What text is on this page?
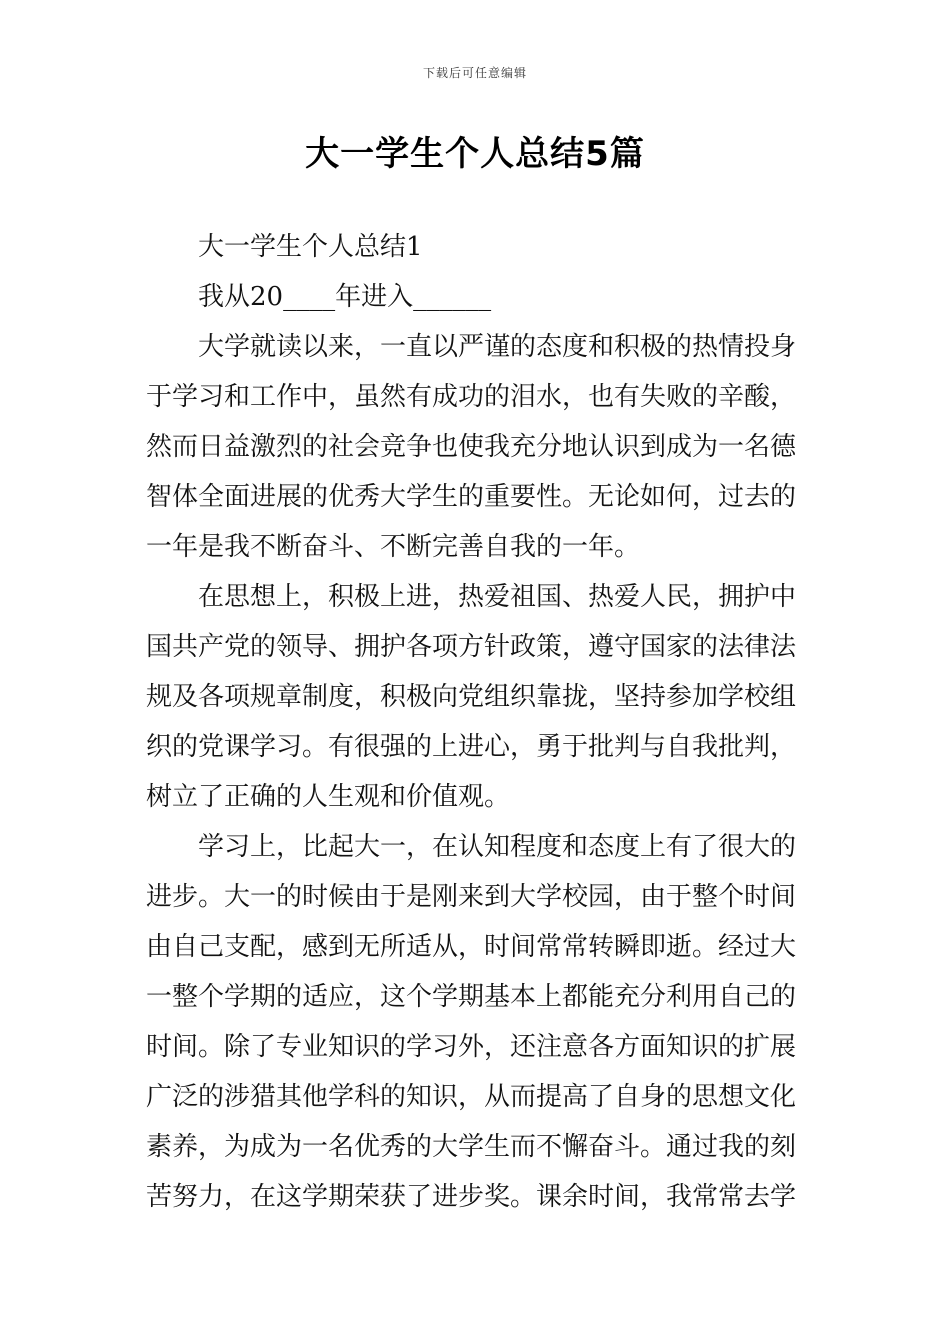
下载后可任意编辑
大一学生个人总结5篇

大一学生个人总结1

我从20____年进入______

大学就读以来，一直以严谨的态度和积极的热情投身

于学习和工作中，虽然有成功的泪水，也有失败的辛酸，

然而日益激烈的社会竞争也使我充分地认识到成为一名德

智体全面进展的优秀大学生的重要性。无论如何，过去的

一年是我不断奋斗、不断完善自我的一年。

在思想上，积极上进，热爱祖国、热爱人民，拥护中

国共产党的领导、拥护各项方针政策，遵守国家的法律法

规及各项规章制度，积极向党组织靠拢，坚持参加学校组

织的党课学习。有很强的上进心，勇于批判与自我批判，

树立了正确的人生观和价值观。

学习上，比起大一，在认知程度和态度上有了很大的

进步。大一的时候由于是刚来到大学校园，由于整个时间

由自己支配，感到无所适从，时间常常转瞬即逝。经过大

一整个学期的适应，这个学期基本上都能充分利用自己的

时间。除了专业知识的学习外，还注意各方面知识的扩展

广泛的涉猎其他学科的知识，从而提高了自身的思想文化

素养，为成为一名优秀的大学生而不懈奋斗。通过我的刻

苦努力，在这学期荣获了进步奖。课余时间，我常常去学
